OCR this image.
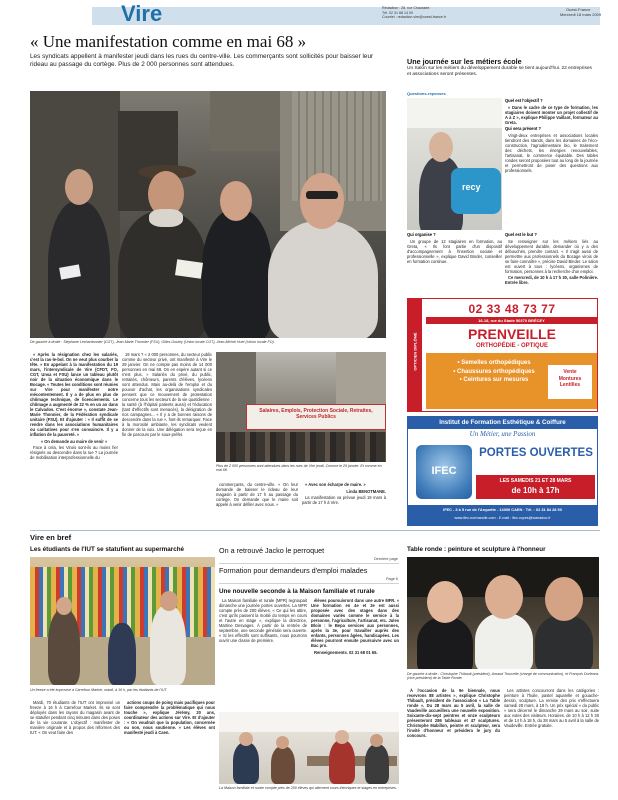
Vire	Rédaction : 28, rue Chaussée
Tél. 02 31 68 14 00
Courriel : redaction.vire@ouest-france.fr
Ouest-France
Mercredi 18 mars 2009
« Une manifestation comme en mai 68 »
Les syndicats appellent à manifester jeudi dans les rues du centre-ville. Les commerçants sont sollicités pour baisser leur rideau au passage du cortège. Plus de 2 000 personnes sont attendues.
De gauche à droite : Stéphane Lechardonnier (CGT), Jean-Marie Thonnier (FSU), Gilles Gouley (Union locale CGT), Jean-Michel Huet (Union locale FO).

« Après la résignation chez les salariés, c'est la ras-le-bol. On ne veut plus courber la tête. » En appelant à la manifestation du 19 mars, l'intersyndicale de Vire (CFDT, FO, CGT, Unsa et FSU) lance un tableau plutôt noir de la situation économique dans le Bocage. « Toutes les conditions sont réunies sur Vire pour manifester notre mécontentement. Il y a de plus en plus de chômage technique, de licenciements. Le chômage a augmenté de 22 % en un an dans le Calvados. C'est énorme », constate Jean-Marie Thonnier, de la Fédération syndicale unitaire (FSU). Et d'ajouter : « Il suffit de se rendre dans les associations humanitaires ou caritatives pour s'en convaincre. Il y a inflation de la pauvreté. »

« On demande au maire de venir »

Face à cela, les Virois sont-ils au moins fier résignés ou descendre dans la rue ? La journée de mobilisation interprofessionnelle du

19 mars ? « 2 000 personnes, du secteur public comme du secteur privé, ont manifesté à Vire le 29 janvier. On ne compte pas moins de 14 000 personnes en mai 68. On en espère autant si ce n'est plus. » Salariés du privé, du public, retraités, chômeurs, parents d'élèves, lycéens sont attendus. Mais au-delà de l'emploi et du pouvoir d'achat, les organisations syndicales pensent que ce mouvement de protestation concerne tous les secteurs de la vie quotidienne : la santé (à l'hôpital patients aussi) et l'éducation (tant d'effectifs sont menacés), la dénigration de nos campagnes... « Il y a de bonnes raisons de descendre dans la rue », font-ils remarquer. Face à la morosité ambiante, les syndicats veulent donner de la voix. Une délégation sera reçue en fin de parcours par le sous-préfet.

Salaires, Emplois, Protection Sociale, Retraites, Services Publics
Plus de 2 000 personnes sont attendues dans les rues de Vire jeudi. Comme le 29 janvier. Et comme en mai 68.

commerçants, du centre-ville. « On leur demande de baisser le rideau de leur magasin à partir de 17 h au passage du cortège. On demande que le maire soit appelé à venir défiler avec nous. »

« Avec son écharpe de maire. »

Linda BENOTMANE.

La manifestation va prévue jeudi 19 mars à partir de 17 h à Vire.

Une journée sur les métiers école
Un Salon sur les métiers du développement durable se tient aujourd'hui. 22 entreprises et associations seront présentes.
Questions-réponses
recy

Quel est l'objectif ?

« Dans le cadre de ce type de formation, les stagiaires doivent monter un projet collectif de A à Z », explique Philippe Vaillant, formateur au Greta.

Qui sera présent ?

Vingt-deux entreprises et associations locales tiendront des stands, dans les domaines de l'éco-construction, l'agroalimentaire bio, le traitement des déchets, les énergies renouvelables, l'artisanat, le commerce équitable. Des tables rondes seront proposées tout au long de la journée et permettront de poser des questions aux professionnels.

Qui organise ?

Un groupe de 12 stagiaires en formation, au Greta, « Ils font partie d'un dispositif d'accompagnement à l'insertion sociale et professionnelle », explique David Binder, conseiller en formation continue.

Quel est le but ?

Se renseigner sur les métiers liés au développement durable, demander où y a des débouchés, prendre contact. « Il s'agit aussi de permettre aux professionnels du Bocage virois de se faire connaître », précise David Binder. Le salon est ouvert à tous : lycéens, organismes de formation, personnes à la recherche d'un emploi.

Ce mercredi, de 10 h à 17 h 30, salle Polinière. Entrée libre.

OPTICIEN DIPLÔMÉ
02 33 48 73 77
16-18, rue du Stade 50370 BRÉCEY
PRENVEILLE
ORTHOPÉDIE - OPTIQUE
• Semelles orthopédiques
• Chaussures orthopédiques
• Ceintures sur mesures
Vente
Montures
Lentilles
Institut de Formation Esthétique & Coiffure
Un Métier, une Passion
IFEC
PORTES OUVERTES
LES SAMEDIS 21 ET 28 MARS
de 10h à 17h
IFEC - 3 à 5 rue de l'Arquette - 14000 CAEN · Tél. : 02 31 84 28 50
www.ifec-normandie.com - E.mail : ifec.ccpes@wanadoo.fr
Vire en bref
Les étudiants de l'IUT se statufient au supermarché
Un freeze a été improvisé à Carrefour Market, mardi, à 16 h, par les étudiants de l'IUT.

Mardi, 70 étudiants de l'IUT ont improvisé un freeze à 16 h à Carrefour Market. Ils se sont déployés dans les rayons du magasin avant de se statufier pendant cinq minutes dans des poses de la vie courante. L'objectif : manifester de manière originale et à propos des réformes des IUT. « On veut faire des

actions coups de poing mais pacifiques pour faire comprendre la problématique qui nous touche », explique Jérémy, 20 ans, coordinateur des actions sur Vire. Et d'ajouter : « On voudrait que la population, concernée ou non, nous soutienne. » Les élèves ont manifesté jeudi à Caen.

On a retrouvé Jacko le perroquet
Dernière page
Formation pour demandeurs d'emploi malades
Page 6
Une nouvelle seconde à la Maison familiale et rurale

La Maison familiale et rurale (MFR) regroupait dimanche une journée portes ouvertes. La MFR compte près de 200 élèves. « Ce qui les attire, c'est qu'ils passent la moitié du temps en cours et l'autre en stage », explique la directrice, Martine Desvages. À partir de la rentrée de septembre, une seconde générale sera ouverte. « Si les effectifs sont suffisants, nous pourrons ouvrir une classe de première.

élèves poursuivront dans une autre MFR. » Une formation en 4e et 3e est aussi proposée avec des stages dans des domaines variés comme le service à la personne, l'agriculture, l'artisanat, etc. Jules Bloin : le Bepa services aux personnes, après la 3e, pour travailler auprès des enfants, personnes âgées, handicapées. Les élèves pourront ensuite poursuivre avec un Bac pro.

Renseignements. 02 31 68 01 65.

La Maison familiale et rurale compte près de 200 élèves qui alternent cours théoriques et stages en entreprises.
Table ronde : peinture et sculpture à l'honneur
De gauche à droite : Christophe Thibault (président), Arnaud Trouvelle (chargé de communication), et François Dorléans (vice-président) de la Table Ronde.

À l'occasion de la 9e biennale, nous recevrons 88 artistes », explique Christophe Thibault, président de l'association « La Table ronde ». Du 28 mars au 5 avril, la salle de Vaudeville accueillera une nouvelle exposition. Soixante-dix-sept peintres et onze sculpteurs présenteront 286 tableaux et 47 sculptures. Christophe Mabillon, peintre et sculpteur, sera l'invité d'honneur et présidera le jury du concours.

Les artistes concourront dans les catégories : peinture à l'huile, pastel aquarelle et gouache-dessin, sculpture. La remise des prix s'effectuera samedi 28 mars, à 18 h. Un prix spécial « du public » sera décerné le dimanche 29 mars au soir, suite aux votes des visiteurs. Horaires. de 10 h à 12 h 30 et de 14 h à 18 h, du 28 mars au 5 avril à la salle de Vaudeville. Entrée gratuite.
